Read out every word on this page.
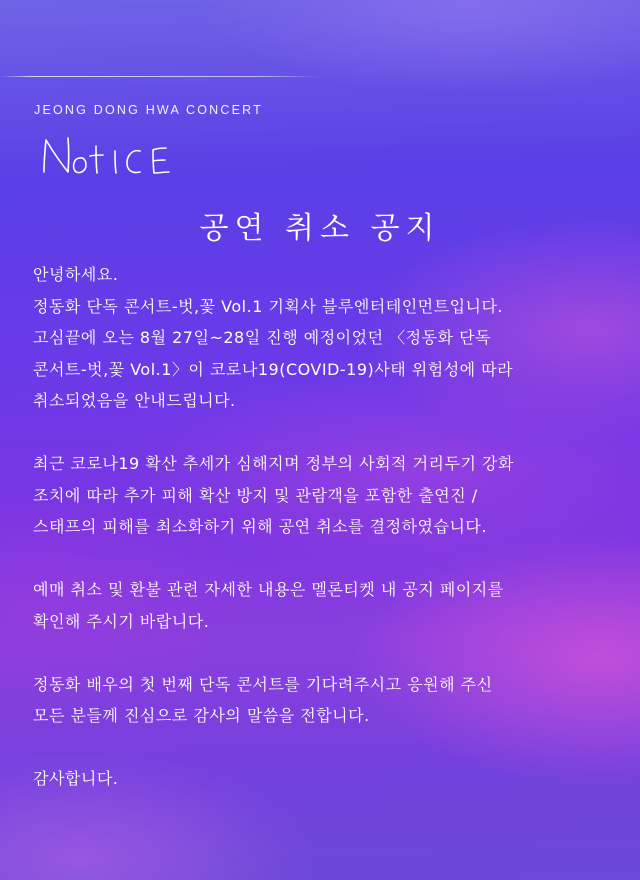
JEONG DONG HWA CONCERT
공연 취소 공지
안녕하세요.
정동화 단독 콘서트-벗,꽃 Vol.1 기획사 블루엔터테인먼트입니다.
고심끝에 오는 8월 27일~28일 진행 예정이었던 〈정동화 단독
콘서트-벗,꽃 Vol.1〉이 코로나19(COVID-19)사태 위험성에 따라
취소되었음을 안내드립니다.
최근 코로나19 확산 추세가 심해지며 정부의 사회적 거리두기 강화
조치에 따라 추가 피해 확산 방지 및 관람객을 포함한 출연진 /
스태프의 피해를 최소화하기 위해 공연 취소를 결정하였습니다.
예매 취소 및 환불 관련 자세한 내용은 멜론티켓 내 공지 페이지를
확인해 주시기 바랍니다.
정동화 배우의 첫 번째 단독 콘서트를 기다려주시고 응원해 주신
모든 분들께 진심으로 감사의 말씀을 전합니다.
감사합니다.
